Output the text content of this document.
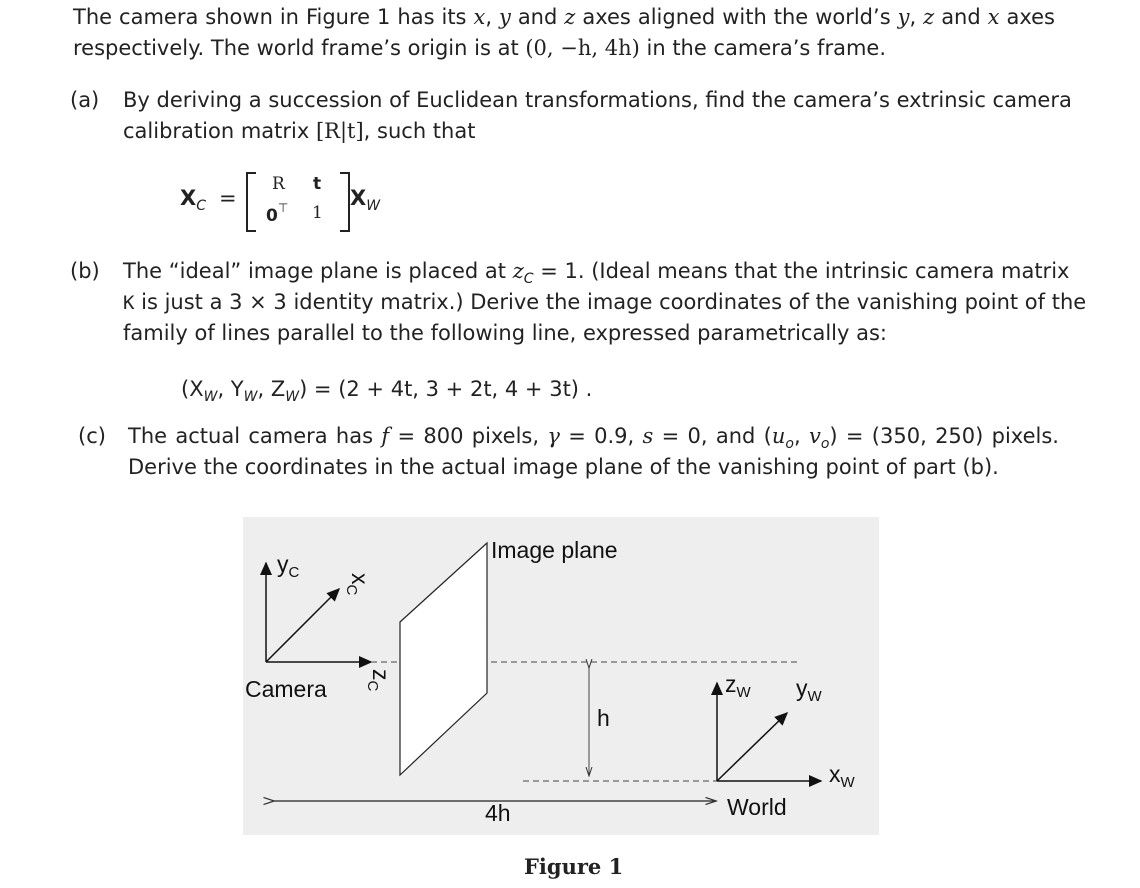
The camera shown in Figure 1 has its x, y and z axes aligned with the world’s y, z and x axes
respectively. The world frame’s origin is at (0, −h, 4h) in the camera’s frame.
(a) By deriving a succession of Euclidean transformations, find the camera’s extrinsic camera
calibration matrix [R|t], such that
$X_C$ =
R t
0⊤ 1
$X_W$
(b) The “ideal” image plane is placed at $z_C = 1$. (Ideal means that the intrinsic camera matrix
K is just a 3 × 3 identity matrix.) Derive the image coordinates of the vanishing point of the
family of lines parallel to the following line, expressed parametrically as:
($X_W$, $Y_W$, $Z_W) = (2 + 4t$, 3 + 2t, 4 + 3t) .
(c) The actual camera has f = 800 pixels, γ = 0.9, s = 0, and ($u_o$, $v_o) = (350$, 250) pixels.
Derive the coordinates in the actual image plane of the vanishing point of part (b).
Image plane
Camera
$y_C$ $x_C$
$z_C$
h
4h	World
$z_W$ $y_W$
$x_W$
Figure 1
